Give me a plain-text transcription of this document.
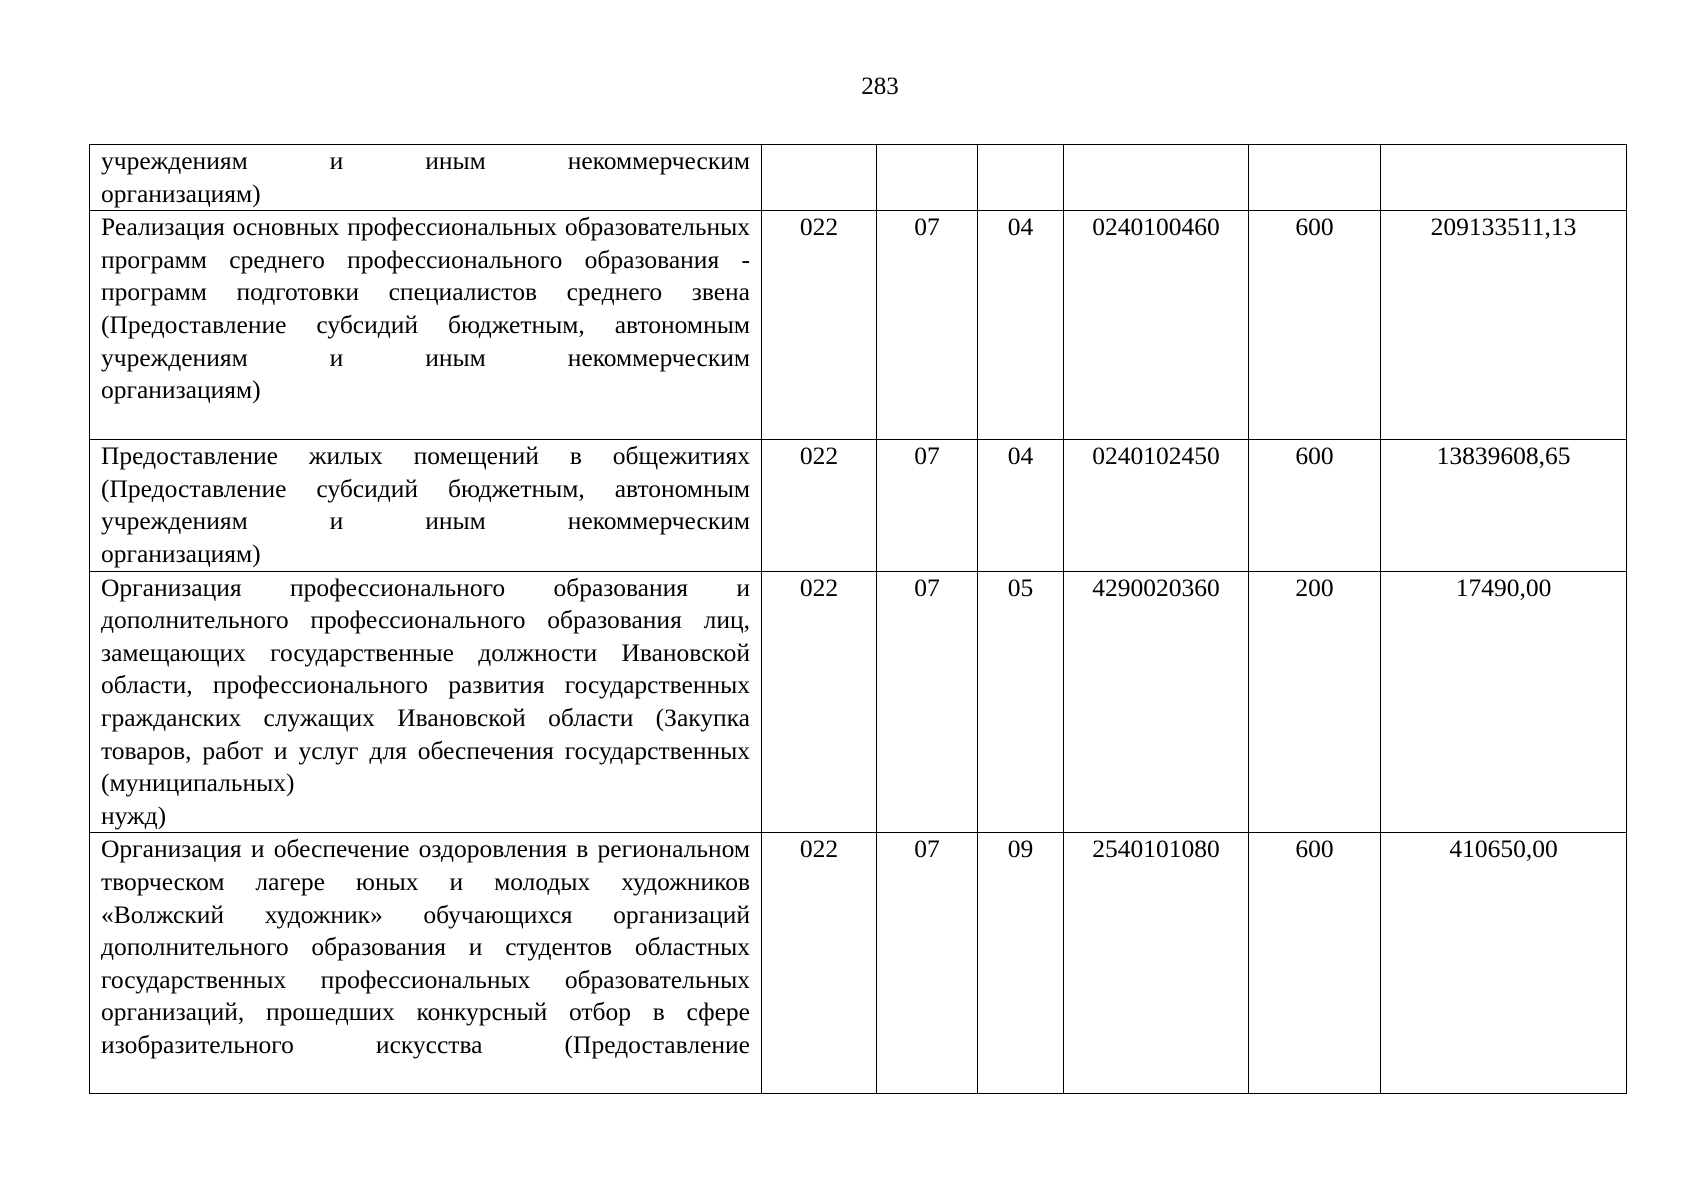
283
учреждениям и иным некоммерческим
организациям)						

Реализация основных профессиональных образовательных программ среднего профессионального образования - программ подготовки специалистов среднего звена (Предоставление субсидий бюджетным, автономным учреждениям и иным некоммерческим
организациям)	022	07	04	0240100460	600	209133511,13
Предоставление жилых помещений в общежитиях (Предоставление субсидий бюджетным, автономным учреждениям и иным некоммерческим
организациям)	022	07	04	0240102450	600	13839608,65
Организация профессионального образования и дополнительного профессионального образования лиц, замещающих государственные должности Ивановской области, профессионального развития государственных гражданских служащих Ивановской области (Закупка товаров, работ и услуг для обеспечения государственных (муниципальных)
нужд)	022	07	05	4290020360	200	17490,00
Организация и обеспечение оздоровления в региональном творческом лагере юных и молодых художников «Волжский художник» обучающихся организаций дополнительного образования и студентов областных государственных профессиональных образовательных организаций, прошедших конкурсный отбор в сфере изобразительного искусства (Предоставление	022	07	09	2540101080	600	410650,00
